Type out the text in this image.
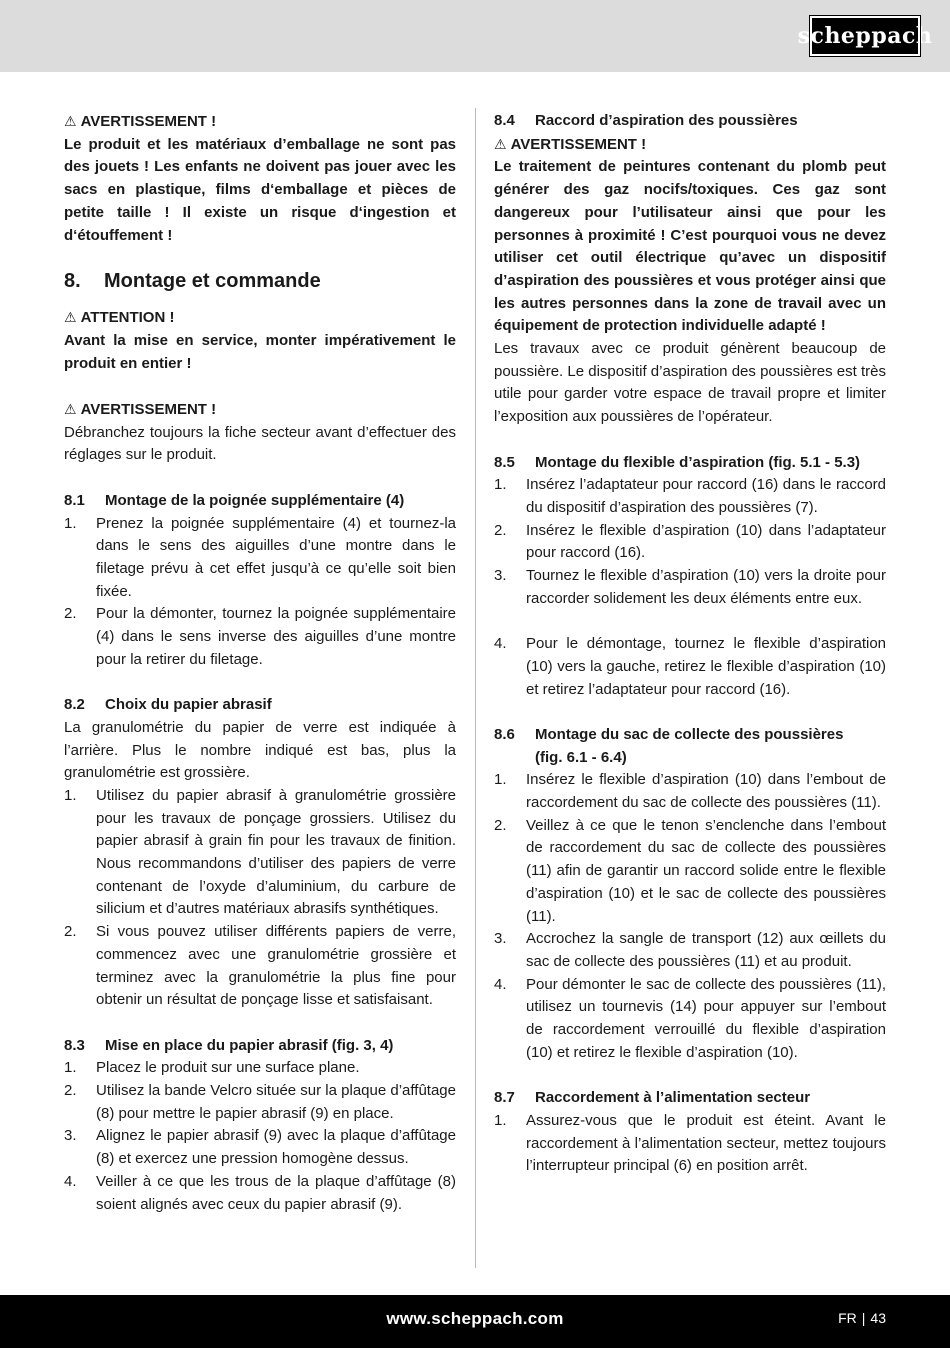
scheppach

⚠ AVERTISSEMENT !

Le produit et les matériaux d’emballage ne sont pas des jouets ! Les enfants ne doivent pas jouer avec les sacs en plastique, films d‘emballage et pièces de petite taille ! Il existe un risque d‘ingestion et d‘étouffement !

8. Montage et commande

⚠ ATTENTION !

Avant la mise en service, monter impérativement le produit en entier !

⚠ AVERTISSEMENT !

Débranchez toujours la fiche secteur avant d’effectuer des réglages sur le produit.

8.1 Montage de la poignée supplémentaire (4)

1. Prenez la poignée supplémentaire (4) et tournez-la dans le sens des aiguilles d’une montre dans le filetage prévu à cet effet jusqu’à ce qu’elle soit bien fixée.
2. Pour la démonter, tournez la poignée supplémentaire (4) dans le sens inverse des aiguilles d’une montre pour la retirer du filetage.

8.2 Choix du papier abrasif

La granulométrie du papier de verre est indiquée à l’arrière. Plus le nombre indiqué est bas, plus la granulométrie est grossière.

1. Utilisez du papier abrasif à granulométrie grossière pour les travaux de ponçage grossiers. Utilisez du papier abrasif à grain fin pour les travaux de finition. Nous recommandons d’utiliser des papiers de verre contenant de l’oxyde d’aluminium, du carbure de silicium et d’autres matériaux abrasifs synthétiques.
2. Si vous pouvez utiliser différents papiers de verre, commencez avec une granulométrie grossière et terminez avec la granulométrie la plus fine pour obtenir un résultat de ponçage lisse et satisfaisant.

8.3 Mise en place du papier abrasif (fig. 3, 4)

1. Placez le produit sur une surface plane.
2. Utilisez la bande Velcro située sur la plaque d’affûtage (8) pour mettre le papier abrasif (9) en place.
3. Alignez le papier abrasif (9) avec la plaque d’affûtage (8) et exercez une pression homogène dessus.
4. Veiller à ce que les trous de la plaque d’affûtage (8) soient alignés avec ceux du papier abrasif (9).

8.4 Raccord d’aspiration des poussières

⚠ AVERTISSEMENT !

Le traitement de peintures contenant du plomb peut générer des gaz nocifs/toxiques. Ces gaz sont dangereux pour l’utilisateur ainsi que pour les personnes à proximité ! C’est pourquoi vous ne devez utiliser cet outil électrique qu’avec un dispositif d’aspiration des poussières et vous protéger ainsi que les autres personnes dans la zone de travail avec un équipement de protection individuelle adapté !

Les travaux avec ce produit génèrent beaucoup de poussière. Le dispositif d’aspiration des poussières est très utile pour garder votre espace de travail propre et limiter l’exposition aux poussières de l’opérateur.

8.5 Montage du flexible d’aspiration (fig. 5.1 - 5.3)

1. Insérez l’adaptateur pour raccord (16) dans le raccord du dispositif d’aspiration des poussières (7).
2. Insérez le flexible d’aspiration (10) dans l’adaptateur pour raccord (16).
3. Tournez le flexible d’aspiration (10) vers la droite pour raccorder solidement les deux éléments entre eux.
4. Pour le démontage, tournez le flexible d’aspiration (10) vers la gauche, retirez le flexible d’aspiration (10) et retirez l’adaptateur pour raccord (16).

8.6 Montage du sac de collecte des poussières
(fig. 6.1 - 6.4)

1. Insérez le flexible d’aspiration (10) dans l’embout de raccordement du sac de collecte des poussières (11).
2. Veillez à ce que le tenon s’enclenche dans l’embout de raccordement du sac de collecte des poussières (11) afin de garantir un raccord solide entre le flexible d’aspiration (10) et le sac de collecte des poussières (11).
3. Accrochez la sangle de transport (12) aux œillets du sac de collecte des poussières (11) et au produit.
4. Pour démonter le sac de collecte des poussières (11), utilisez un tournevis (14) pour appuyer sur l’embout de raccordement verrouillé du flexible d’aspiration (10) et retirez le flexible d’aspiration (10).

8.7 Raccordement à l’alimentation secteur

1. Assurez-vous que le produit est éteint. Avant le raccordement à l’alimentation secteur, mettez toujours l’interrupteur principal (6) en position arrêt.
www.scheppach.com	FR | 43
